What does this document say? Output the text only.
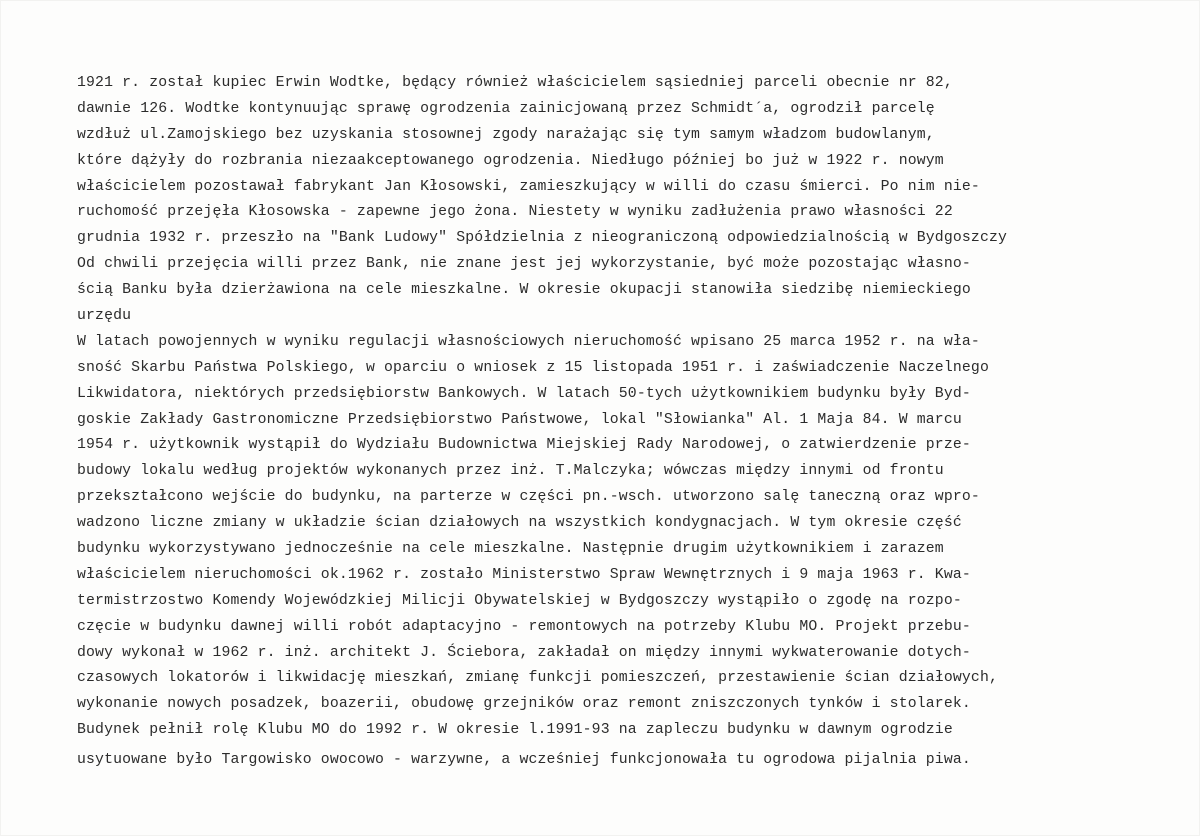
1921 r. został kupiec Erwin Wodtke, będący również właścicielem sąsiedniej parceli obecnie nr 82,
dawnie 126. Wodtke kontynuując sprawę ogrodzenia zainicjowaną przez Schmidt´a, ogrodził parcelę
wzdłuż ul.Zamojskiego bez uzyskania stosownej zgody narażając się tym samym władzom budowlanym,
które dążyły do rozbrania niezaakceptowanego ogrodzenia. Niedługo później bo już w 1922 r. nowym
właścicielem pozostawał fabrykant Jan Kłosowski, zamieszkujący w willi do czasu śmierci. Po nim nie-
ruchomość przejęła Kłosowska - zapewne jego żona. Niestety w wyniku zadłużenia prawo własności 22
grudnia 1932 r. przeszło na "Bank Ludowy" Spółdzielnia z nieograniczoną odpowiedzialnością w Bydgoszczy
Od chwili przejęcia willi przez Bank, nie znane jest jej wykorzystanie, być może pozostając własno-
ścią Banku była dzierżawiona na cele mieszkalne. W okresie okupacji stanowiła siedzibę niemieckiego
urzędu
W latach powojennych w wyniku regulacji własnościowych nieruchomość wpisano 25 marca 1952 r. na wła-
sność Skarbu Państwa Polskiego, w oparciu o wniosek z 15 listopada 1951 r. i zaświadczenie Naczelnego
Likwidatora, niektórych przedsiębiorstw Bankowych. W latach 50-tych użytkownikiem budynku były Byd-
goskie Zakłady Gastronomiczne Przedsiębiorstwo Państwowe, lokal "Słowianka" Al. 1 Maja 84. W marcu
1954 r. użytkownik wystąpił do Wydziału Budownictwa Miejskiej Rady Narodowej, o zatwierdzenie prze-
budowy lokalu według projektów wykonanych przez inż. T.Malczyka; wówczas między innymi od frontu
przekształcono wejście do budynku, na parterze w części pn.-wsch. utworzono salę taneczną oraz wpro-
wadzono liczne zmiany w układzie ścian działowych na wszystkich kondygnacjach. W tym okresie część
budynku wykorzystywano jednocześnie na cele mieszkalne. Następnie drugim użytkownikiem i zarazem
właścicielem nieruchomości ok.1962 r. zostało Ministerstwo Spraw Wewnętrznych i 9 maja 1963 r. Kwa-
termistrzostwo Komendy Wojewódzkiej Milicji Obywatelskiej w Bydgoszczy wystąpiło o zgodę na rozpo-
częcie w budynku dawnej willi robót adaptacyjno - remontowych na potrzeby Klubu MO. Projekt przebu-
dowy wykonał w 1962 r. inż. architekt J. Ściebora, zakładał on między innymi wykwaterowanie dotych-
czasowych lokatorów i likwidację mieszkań, zmianę funkcji pomieszczeń, przestawienie ścian działowych,
wykonanie nowych posadzek, boazerii, obudowę grzejników oraz remont zniszczonych tynków i stolarek.
Budynek pełnił rolę Klubu MO do 1992 r. W okresie l.1991-93 na zapleczu budynku w dawnym ogrodzie
usytuowane było Targowisko owocowo - warzywne, a wcześniej funkcjonowała tu ogrodowa pijalnia piwa.
